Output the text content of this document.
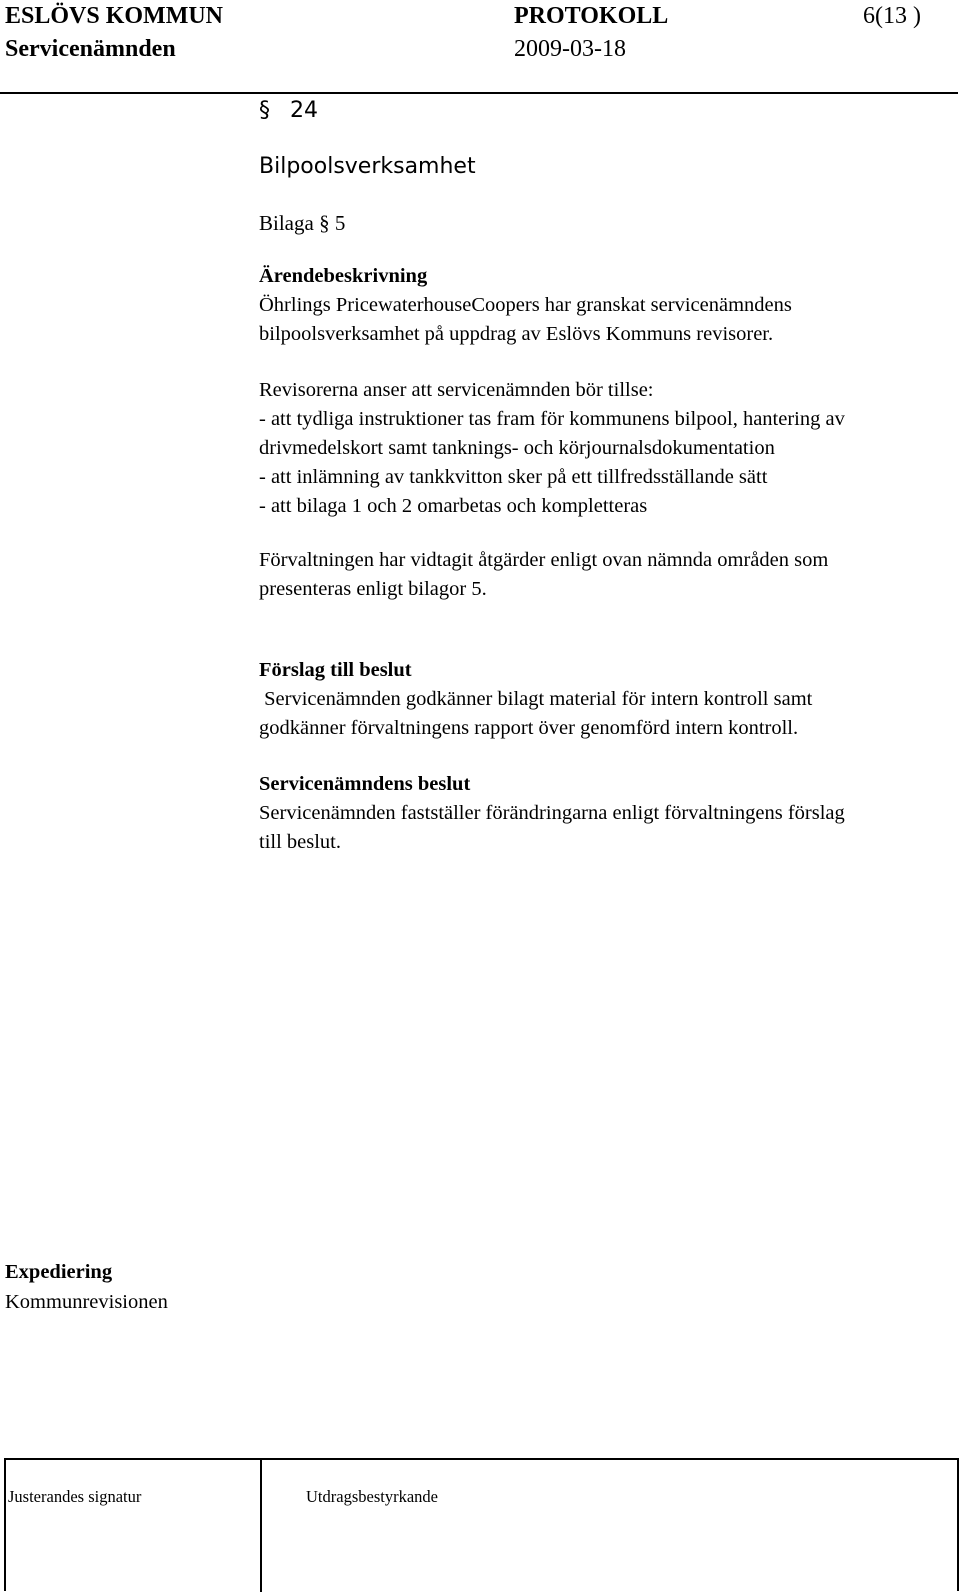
ESLÖVS KOMMUN	PROTOKOLL	6(13 )
Servicenämnden	2009-03-18
§ 24
Bilpoolsverksamhet
Bilaga § 5
Ärendebeskrivning
Öhrlings PricewaterhouseCoopers har granskat servicenämndens
bilpoolsverksamhet på uppdrag av Eslövs Kommuns revisorer.
Revisorerna anser att servicenämnden bör tillse:
- att tydliga instruktioner tas fram för kommunens bilpool, hantering av
drivmedelskort samt tanknings- och körjournalsdokumentation
- att inlämning av tankkvitton sker på ett tillfredsställande sätt
- att bilaga 1 och 2 omarbetas och kompletteras
Förvaltningen har vidtagit åtgärder enligt ovan nämnda områden som
presenteras enligt bilagor 5.
Förslag till beslut
Servicenämnden godkänner bilagt material för intern kontroll samt
godkänner förvaltningens rapport över genomförd intern kontroll.
Servicenämndens beslut
Servicenämnden fastställer förändringarna enligt förvaltningens förslag
till beslut.
Expediering
Kommunrevisionen
Justerandes signatur	Utdragsbestyrkande
